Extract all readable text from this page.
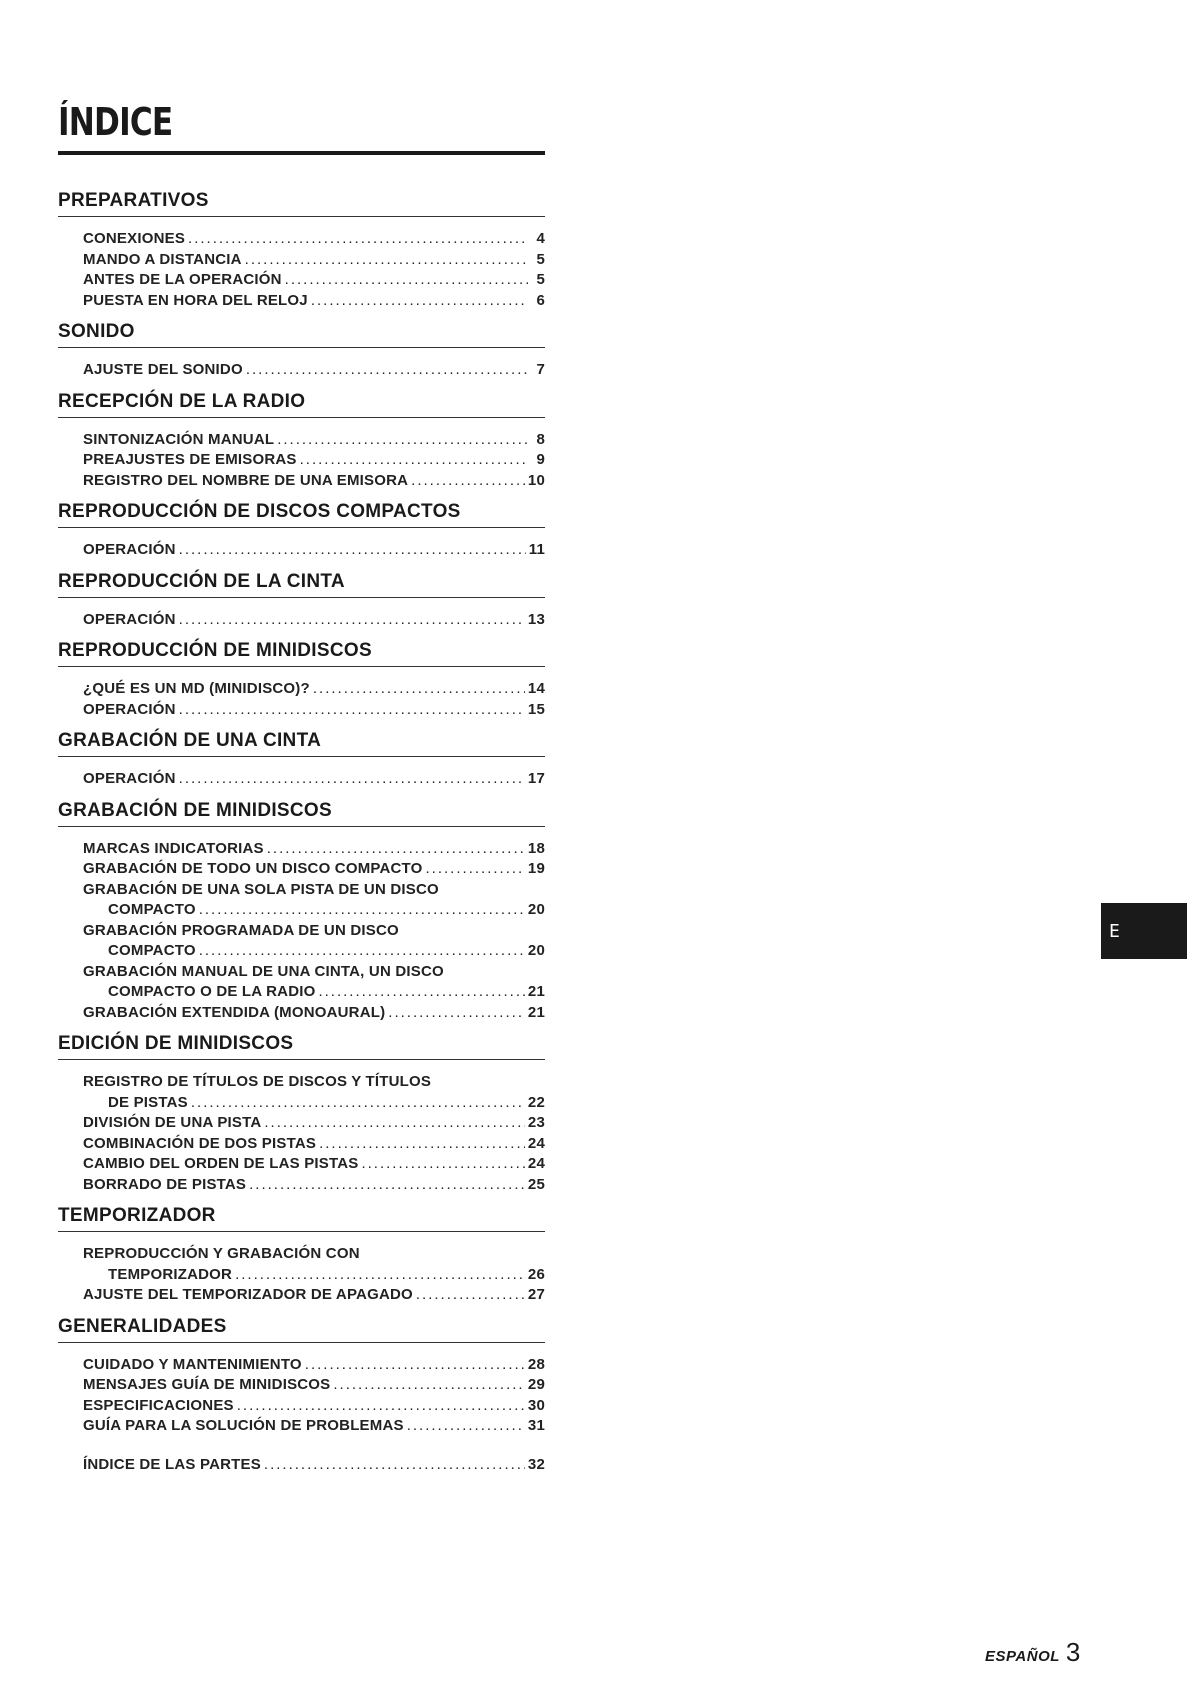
ÍNDICE
PREPARATIVOS
CONEXIONES .....	4
MANDO A DISTANCIA .....	5
ANTES DE LA OPERACIÓN .....	5
PUESTA EN HORA DEL RELOJ .....	6
SONIDO
AJUSTE DEL SONIDO .....	7
RECEPCIÓN DE LA RADIO
SINTONIZACIÓN MANUAL .....	8
PREAJUSTES DE EMISORAS .....	9
REGISTRO DEL NOMBRE DE UNA EMISORA .....	10
REPRODUCCIÓN DE DISCOS COMPACTOS
OPERACIÓN .....	11
REPRODUCCIÓN DE LA CINTA
OPERACIÓN .....	13
REPRODUCCIÓN DE MINIDISCOS
¿QUÉ ES UN MD (MINIDISCO)? .....	14
OPERACIÓN .....	15
GRABACIÓN DE UNA CINTA
OPERACIÓN .....	17
GRABACIÓN DE MINIDISCOS
MARCAS INDICATORIAS .....	18
GRABACIÓN DE TODO UN DISCO COMPACTO .....	19
GRABACIÓN DE UNA SOLA PISTA DE UN DISCO
COMPACTO .....	20
GRABACIÓN PROGRAMADA DE UN DISCO
COMPACTO .....	20
GRABACIÓN MANUAL DE UNA CINTA, UN DISCO
COMPACTO O DE LA RADIO .....	21
GRABACIÓN EXTENDIDA (MONOAURAL) .....	21
EDICIÓN DE MINIDISCOS
REGISTRO DE TÍTULOS DE DISCOS Y TÍTULOS
DE PISTAS .....	22
DIVISIÓN DE UNA PISTA .....	23
COMBINACIÓN DE DOS PISTAS .....	24
CAMBIO DEL ORDEN DE LAS PISTAS .....	24
BORRADO DE PISTAS .....	25
TEMPORIZADOR
REPRODUCCIÓN Y GRABACIÓN CON
TEMPORIZADOR .....	26
AJUSTE DEL TEMPORIZADOR DE APAGADO .....	27
GENERALIDADES
CUIDADO Y MANTENIMIENTO .....	28
MENSAJES GUÍA DE MINIDISCOS .....	29
ESPECIFICACIONES .....	30
GUÍA PARA LA SOLUCIÓN DE PROBLEMAS .....	31
ÍNDICE DE LAS PARTES .....	32
E
ESPAÑOL 3
